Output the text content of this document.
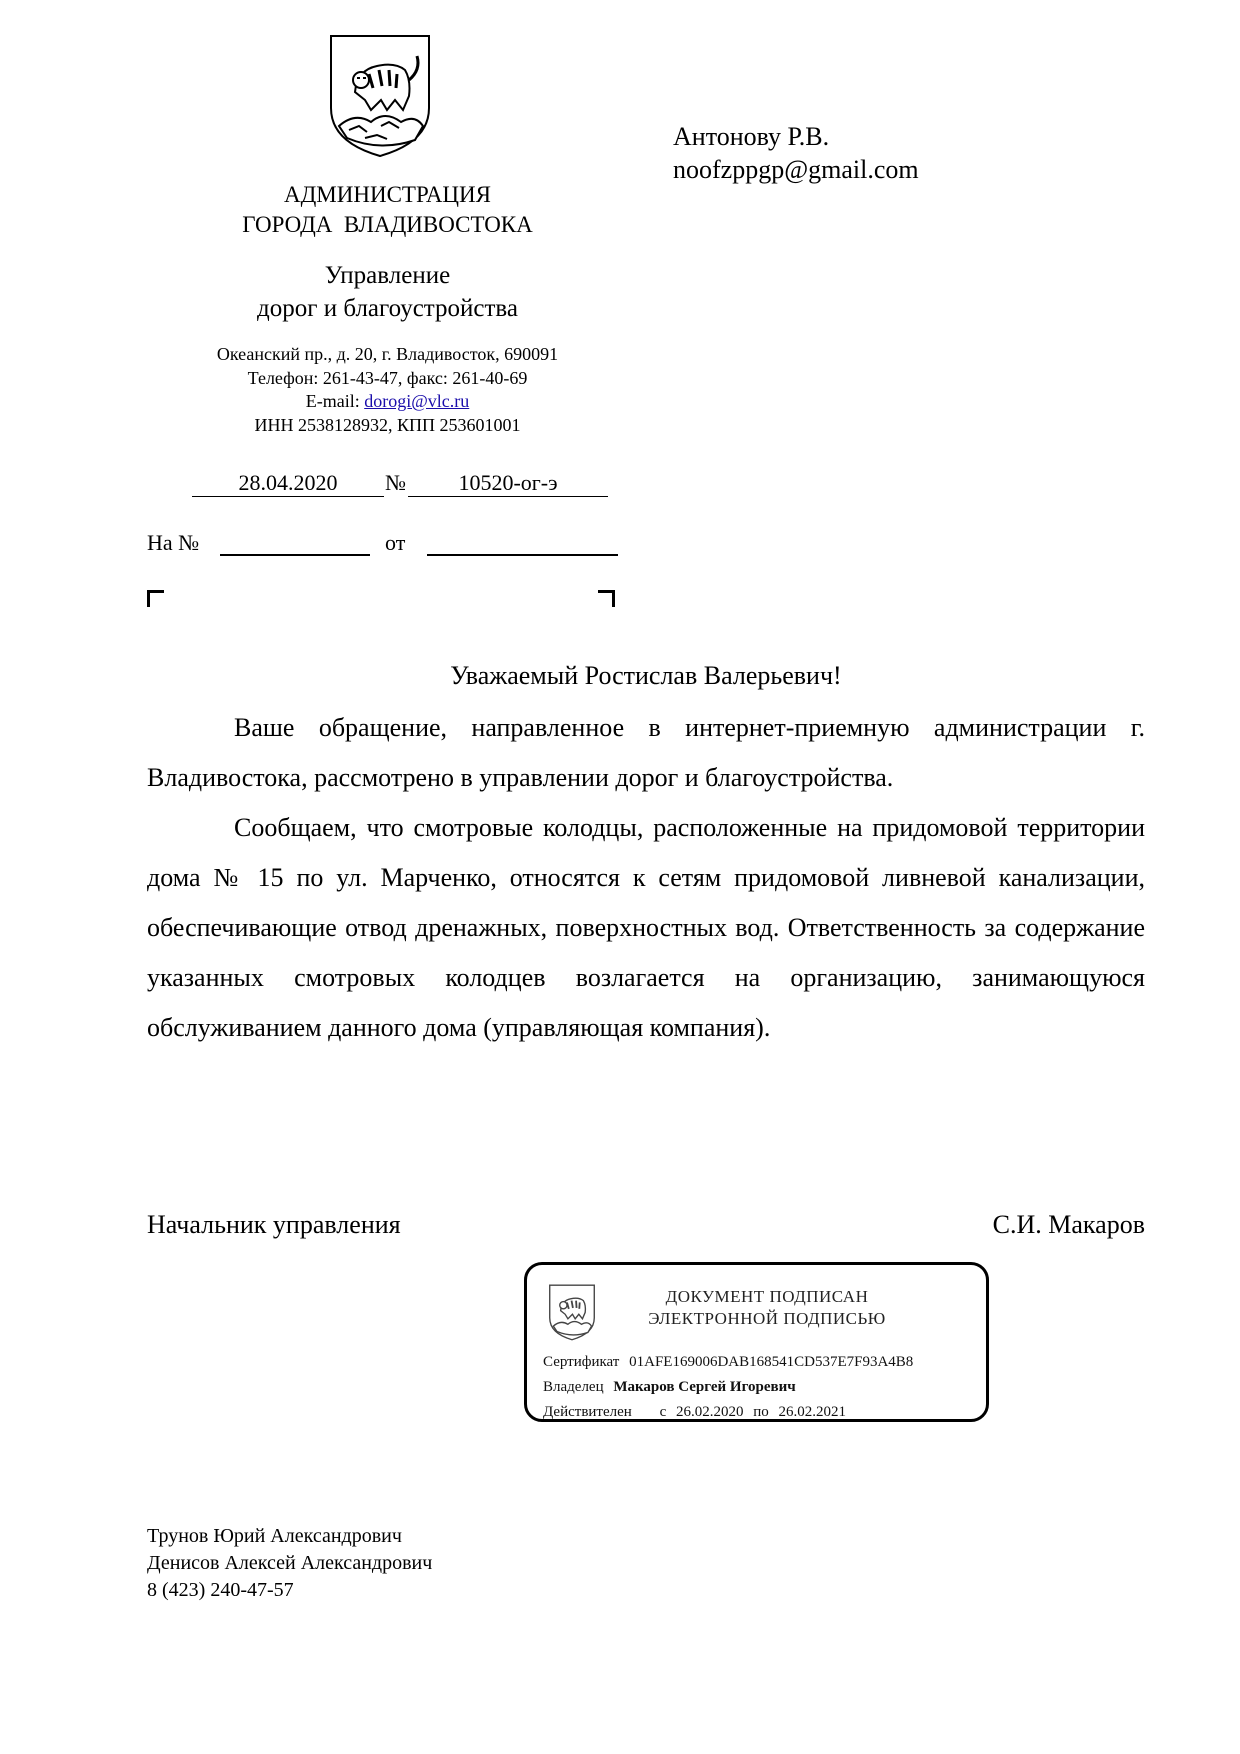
АДМИНИСТРАЦИЯ
ГОРОДА  ВЛАДИВОСТОКА
Управление
дорог и благоустройства
Океанский пр., д. 20, г. Владивосток, 690091
Телефон: 261-43-47, факс: 261-40-69
E-mail: dorogi@vlc.ru
ИНН 2538128932, КПП 253601001
Антонову Р.В.
noofzppgp@gmail.com
28.04.2020	№	10520-ог-э
На №	от
Уважаемый Ростислав Валерьевич!

Ваше обращение, направленное в интернет-приемную администрации г. Владивостока, рассмотрено в управлении дорог и благоустройства.

Сообщаем, что смотровые колодцы, расположенные на придомовой территории дома № 15 по ул. Марченко, относятся к сетям придомовой ливневой канализации, обеспечивающие отвод дренажных, поверхностных вод. Ответственность за содержание указанных смотровых колодцев возлагается на организацию, занимающуюся обслуживанием данного дома (управляющая компания).

Начальник управления	С.И. Макаров
ДОКУМЕНТ ПОДПИСАН
ЭЛЕКТРОННОЙ ПОДПИСЬЮ
Сертификат 01AFE169006DAB168541CD537E7F93A4B8
Владелец Макаров Сергей Игоревич
Действителен с 26.02.2020 по 26.02.2021
Трунов Юрий Александрович
Денисов Алексей Александрович
8 (423) 240-47-57
